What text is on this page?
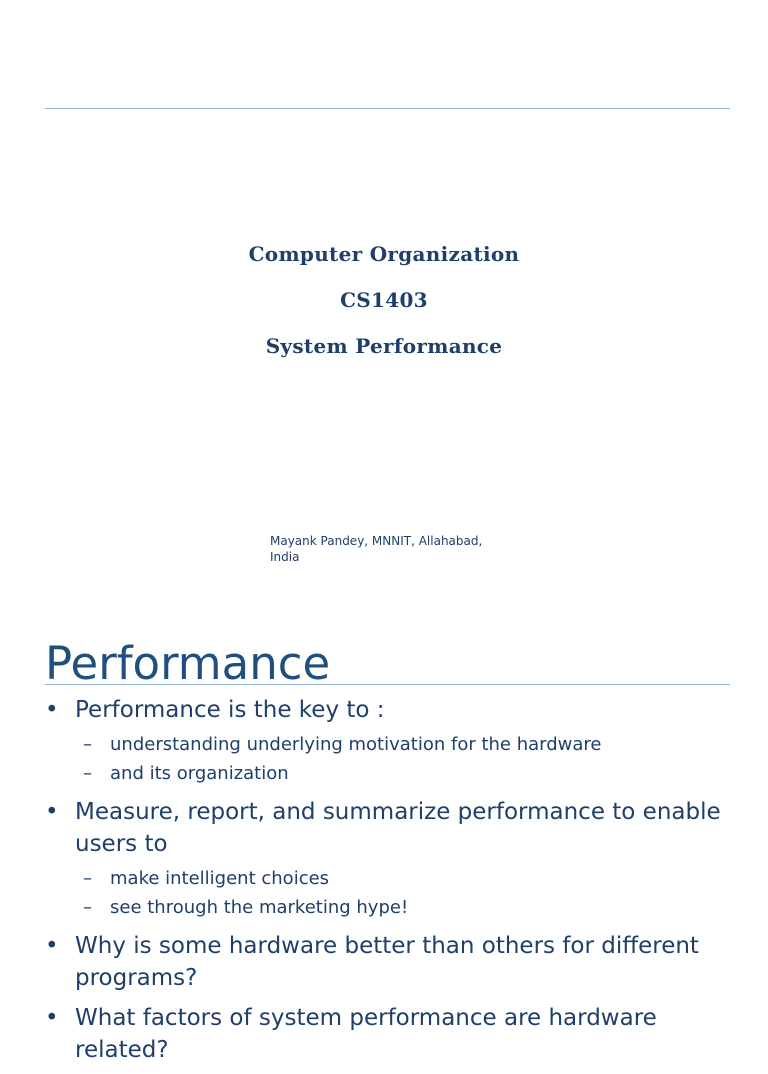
Computer Organization
CS1403
System Performance
Mayank Pandey, MNNIT, Allahabad,
India
Performance
• Performance is the key to :
– understanding underlying motivation for the hardware
– and its organization
• Measure, report, and summarize performance to enable users to
– make intelligent choices
– see through the marketing hype!
• Why is some hardware better than others for different programs?
• What factors of system performance are hardware related?
